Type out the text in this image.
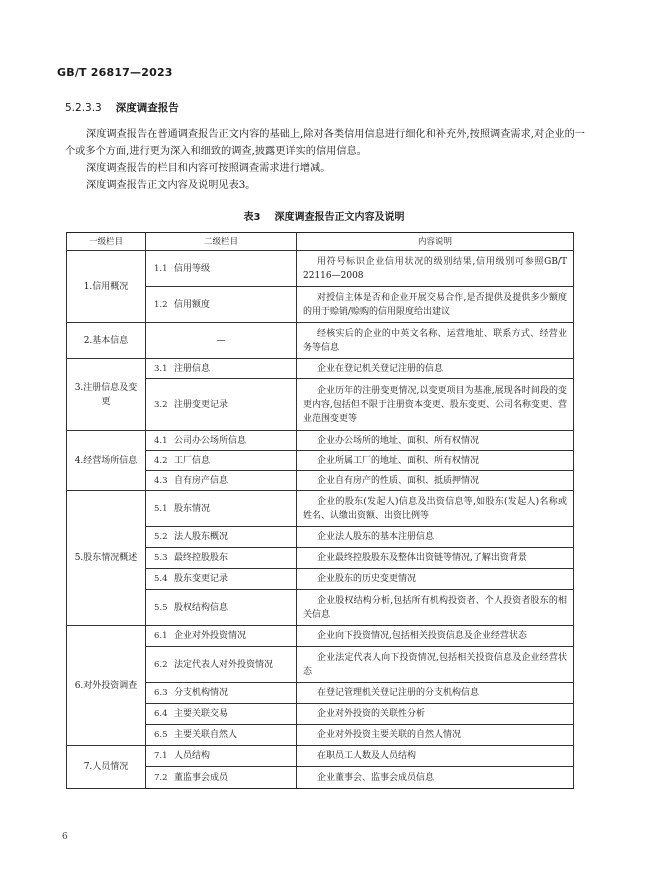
GB/T 26817—2023
5.2.3.3 深度调查报告

深度调查报告在普通调查报告正文内容的基础上,除对各类信用信息进行细化和补充外,按照调查需求,对企业的一个或多个方面,进行更为深入和细致的调查,披露更详实的信用信息。

深度调查报告的栏目和内容可按照调查需求进行增减。

深度调查报告正文内容及说明见表3。

表3 深度调查报告正文内容及说明
一级栏目	二级栏目		内容说明
1.信用概况	1.1	信用等级	用符号标识企业信用状况的级别结果,信用级别可参照GB/T 22116—2008
	1.2	信用额度	对授信主体是否和企业开展交易合作,是否提供及提供多少额度的用于赊销/赊购的信用限度给出建议
2.基本信息	—		经核实后的企业的中英文名称、运营地址、联系方式、经营业务等信息
3.注册信息及变更	3.1	注册信息	企业在登记机关登记注册的信息
	3.2	注册变更记录	企业历年的注册变更情况,以变更项目为基准,展现各时间段的变更内容,包括但不限于注册资本变更、股东变更、公司名称变更、营业范围变更等
4.经营场所信息	4.1	公司办公场所信息	企业办公场所的地址、面积、所有权情况
	4.2	工厂信息	企业所属工厂的地址、面积、所有权情况
	4.3	自有房产信息	企业自有房产的性质、面积、抵质押情况
5.股东情况概述	5.1	股东情况	企业的股东(发起人)信息及出资信息等,如股东(发起人)名称或姓名、认缴出资额、出资比例等
	5.2	法人股东概况	企业法人股东的基本注册信息
	5.3	最终控股股东	企业最终控股股东及整体出资链等情况,了解出资背景
	5.4	股东变更记录	企业股东的历史变更情况
	5.5	股权结构信息	企业股权结构分析,包括所有机构投资者、个人投资者股东的相关信息
6.对外投资调查	6.1	企业对外投资情况	企业向下投资情况,包括相关投资信息及企业经营状态
	6.2	法定代表人对外投资情况	企业法定代表人向下投资情况,包括相关投资信息及企业经营状态
	6.3	分支机构情况	在登记管理机关登记注册的分支机构信息
	6.4	主要关联交易	企业对外投资的关联性分析
	6.5	主要关联自然人	企业对外投资主要关联的自然人情况
7.人员情况	7.1	人员结构	在职员工人数及人员结构
	7.2	董监事会成员	企业董事会、监事会成员信息
6
